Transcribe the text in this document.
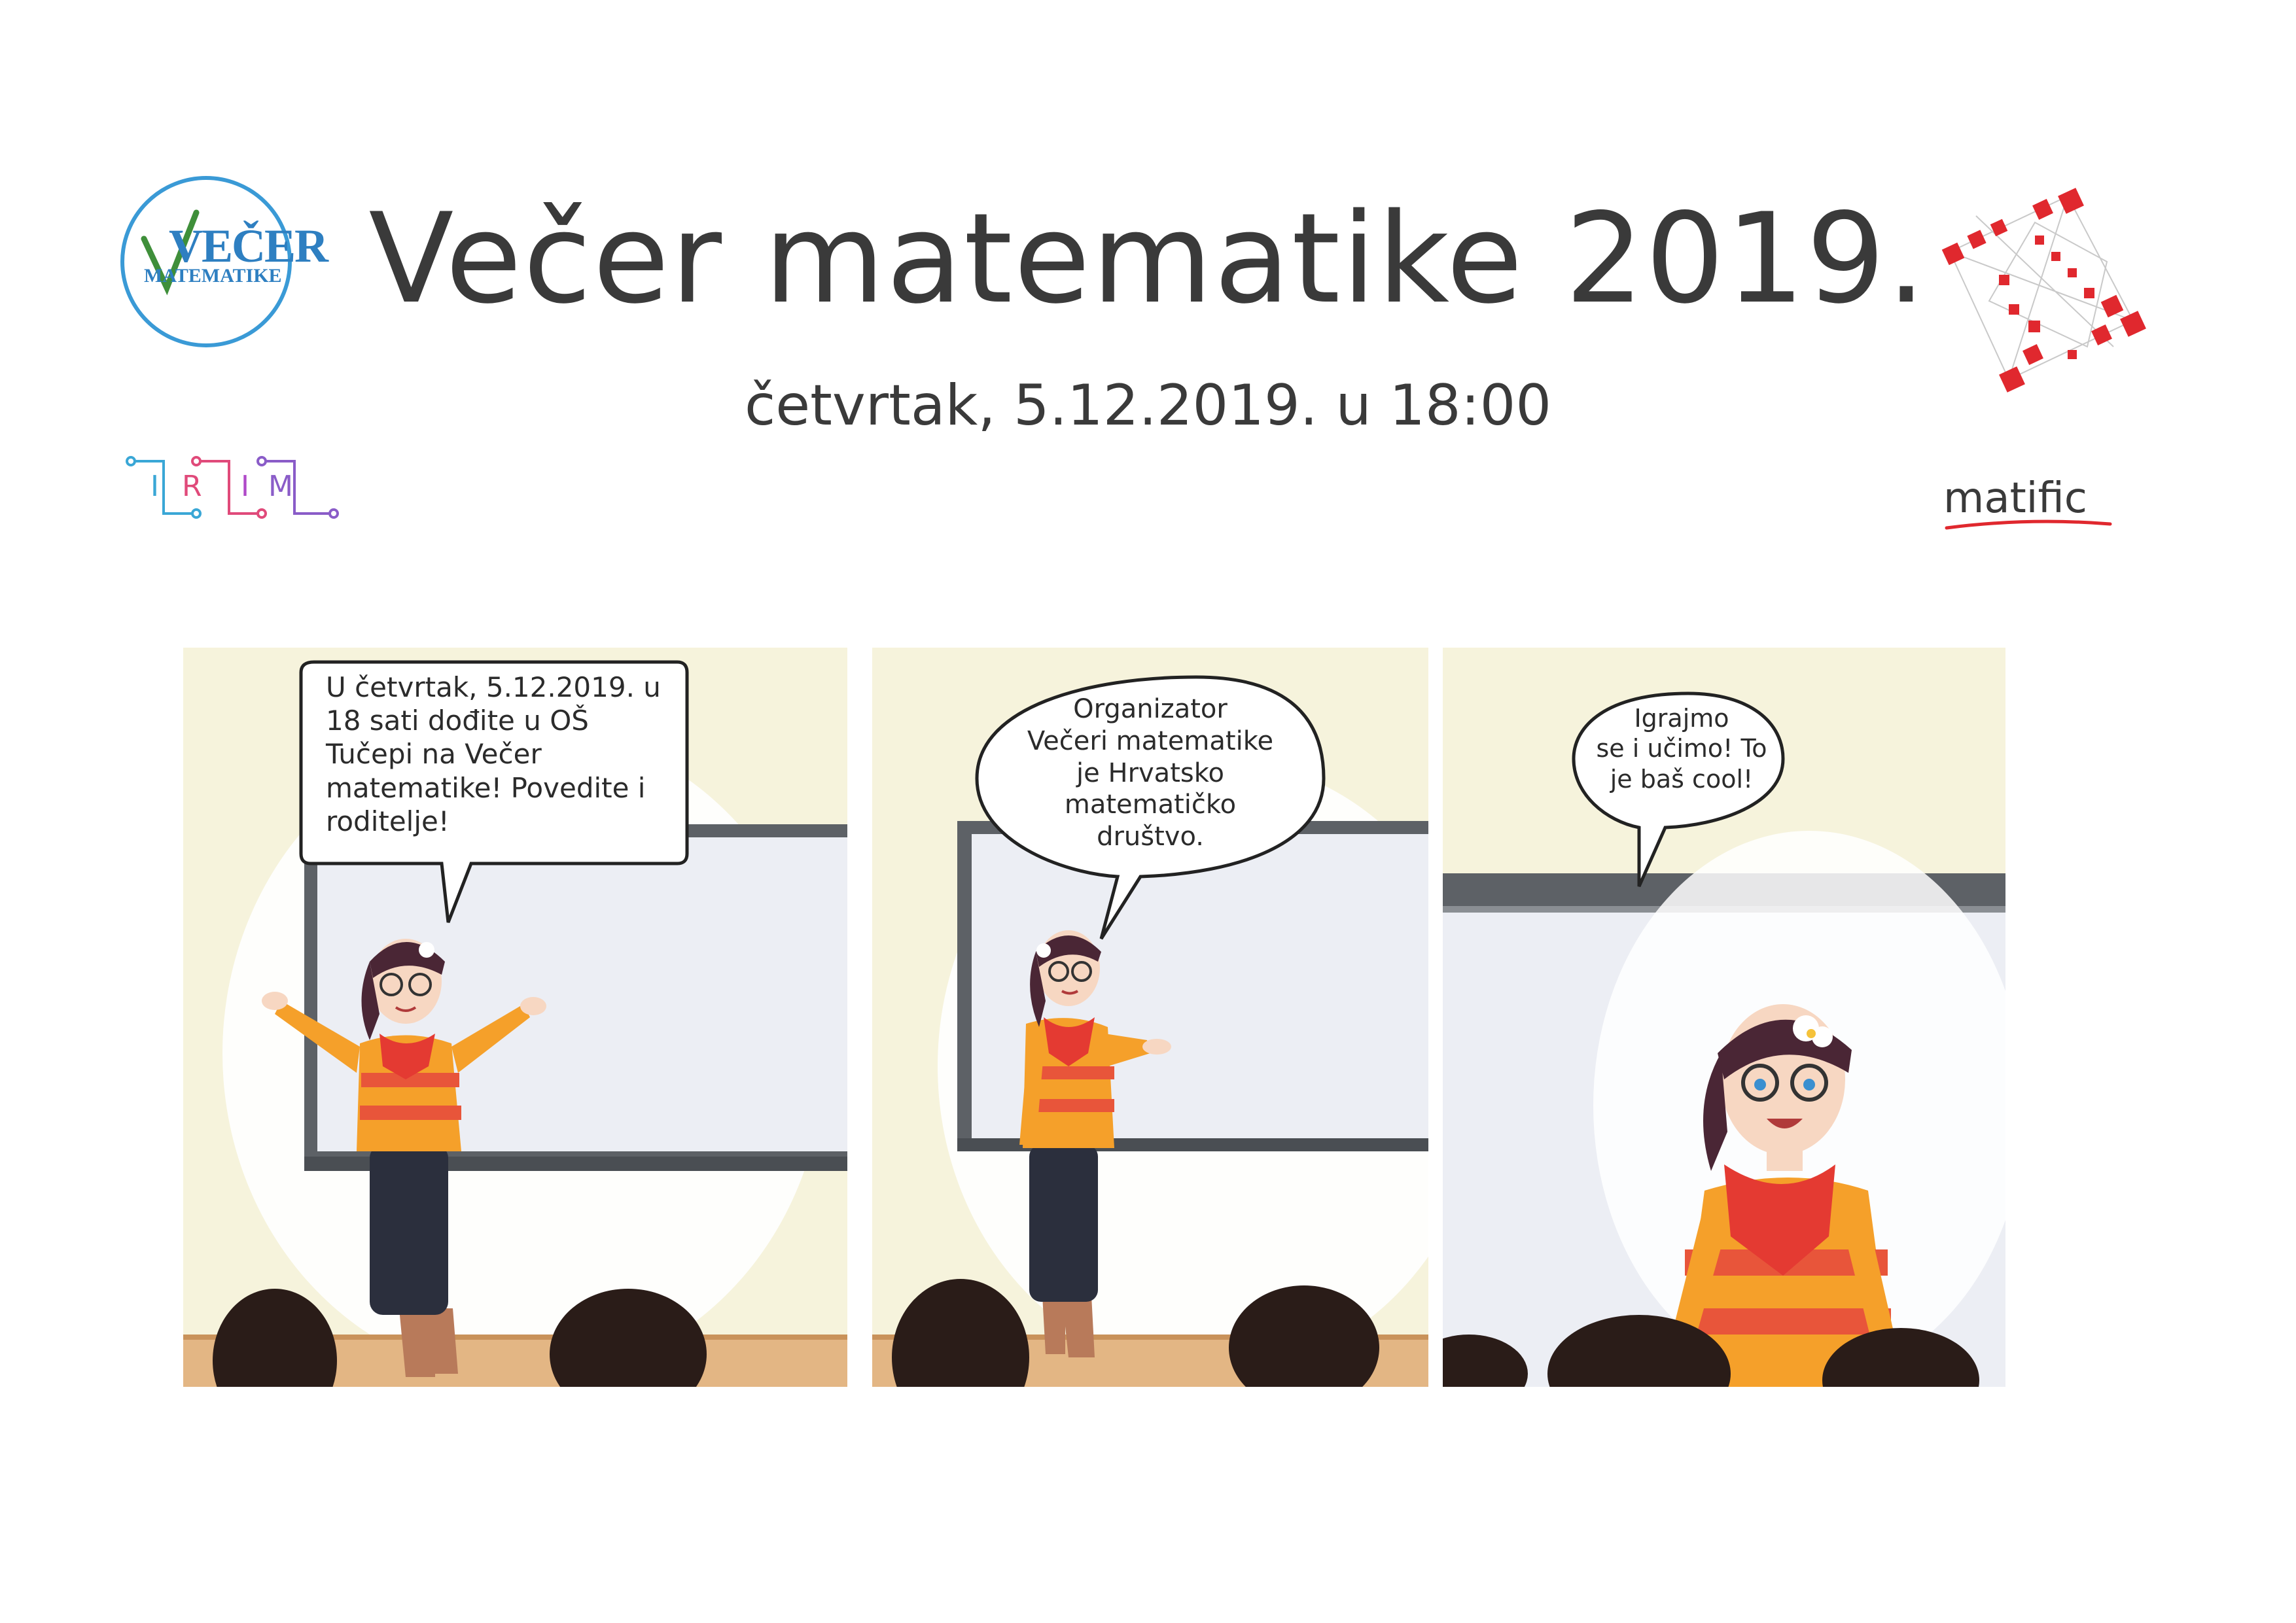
VEČER
MATEMATIKE
I R I M	matific
Večer matematike 2019.
četvrtak, 5.12.2019. u 18:00
U četvrtak, 5.12.2019. u
18 sati dođite u OŠ
Tučepi na Večer
matematike! Povedite i
roditelje!
Organizator
Večeri matematike
je Hrvatsko
matematičko
društvo.
Igrajmo
se i učimo! To
je baš cool!
